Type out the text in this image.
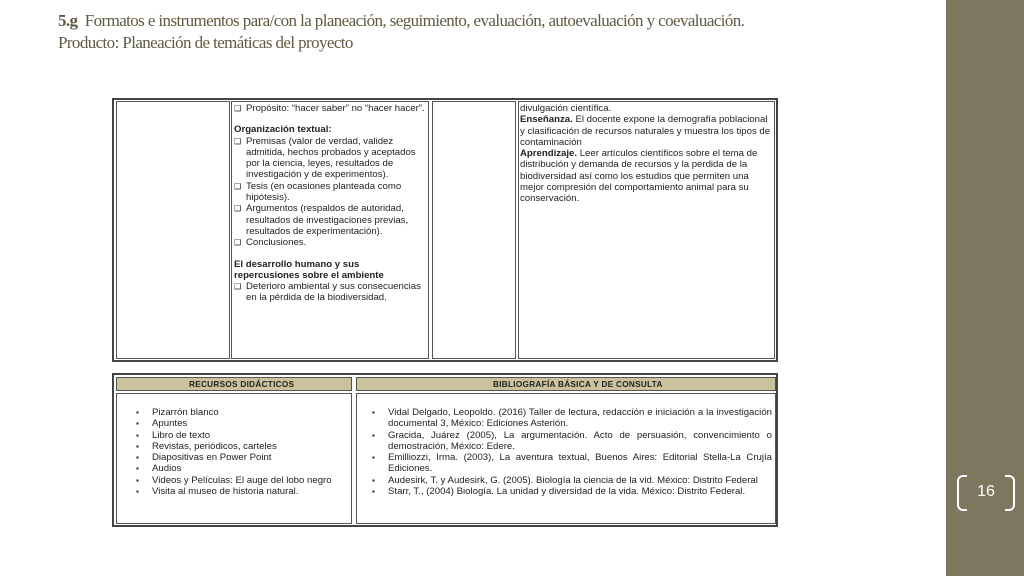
5.g Formatos e instrumentos para/con la planeación, seguimiento, evaluación, autoevaluación y coevaluación.
Producto: Planeación de temáticas del proyecto
16
❑ Propósito: “hacer saber” no “hacer hacer”.
Organización textual:
❑ Premisas (valor de verdad, validez admitida, hechos probados y aceptados por la ciencia, leyes, resultados de investigación y de experimentos).
❑ Tesis (en ocasiones planteada como hipótesis).
❑ Argumentos (respaldos de autoridad, resultados de investigaciones previas, resultados de experimentación).
❑ Conclusiones.
El desarrollo humano y sus repercusiones sobre el ambiente
❑ Deterioro ambiental y sus consecuencias en la pérdida de la biodiversidad.
divulgación científica.
Enseñanza. El docente expone la demografía poblacional y clasificación de recursos naturales y muestra los tipos de contaminación
Aprendizaje. Leer artículos científicos sobre el tema de distribución y demanda de recursos y la perdida de la biodiversidad así como los estudios que permiten una mejor compresión del comportamiento animal para su conservación.
RECURSOS DIDÁCTICOS	BIBLIOGRAFÍA BÁSICA Y DE CONSULTA
▪	Pizarrón blanco
▪	Apuntes
▪	Libro de texto
▪	Revistas, periódicos, carteles
▪	Diapositivas en Power Point
▪	Audios
▪	Videos y Películas: El auge del lobo negro
▪	Visita al museo de historia natural.
▪	Vidal Delgado, Leopoldo. (2016) Taller de lectura, redacción e iniciación a la investigación documental 3, México: Ediciones Asterión.
▪	Gracida, Juárez (2005), La argumentación. Acto de persuasión, convencimiento o demostración, México: Edere.
▪	Emilliozzi, Irma. (2003), La aventura textual, Buenos Aires: Editorial Stella-La Crujía Ediciones.
▪	Audesirk, T. y Audesirk, G. (2005). Biología la ciencia de la vid. México: Distrito Federal
▪	Starr, T., (2004) Biología. La unidad y diversidad de la vida. México: Distrito Federal.
